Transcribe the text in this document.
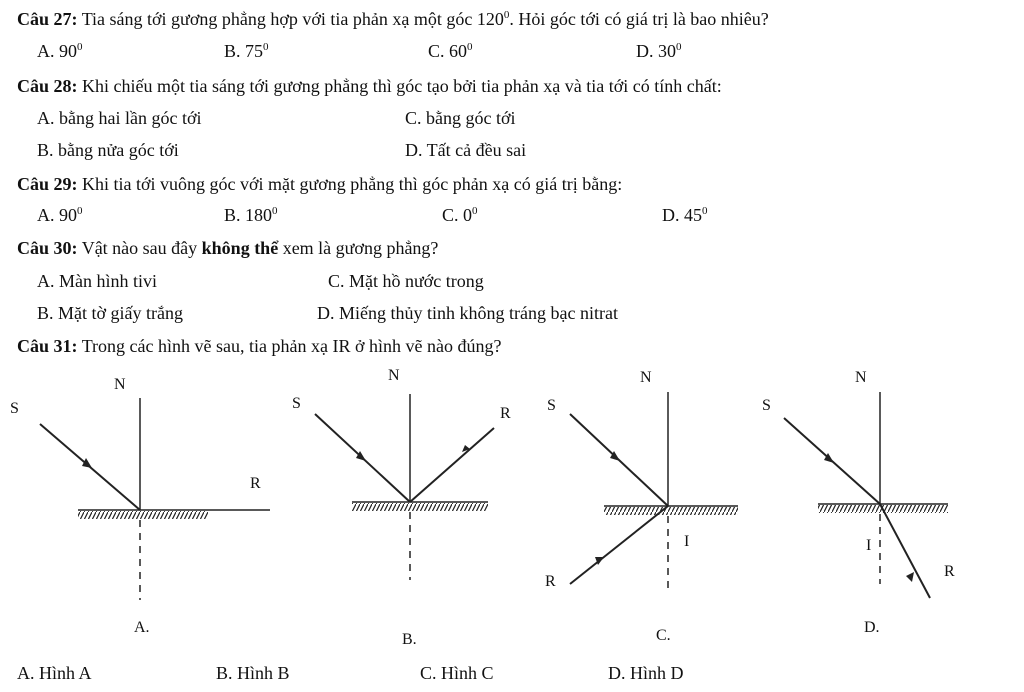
Câu 27: Tia sáng tới gương phẳng hợp với tia phản xạ một góc $120^0$. Hỏi góc tới có giá trị là bao nhiêu?
A. $90^0$	B. $75^0$	C. $60^0$	D. $30^0$
Câu 28: Khi chiếu một tia sáng tới gương phẳng thì góc tạo bởi tia phản xạ và tia tới có tính chất:
A. bằng hai lần góc tới	C. bằng góc tới
B. bằng nửa góc tới	D. Tất cả đều sai
Câu 29: Khi tia tới vuông góc với mặt gương phẳng thì góc phản xạ có giá trị bằng:
A. $90^0$	B. $180^0$	C. $0^0$	D. $45^0$
Câu 30: Vật nào sau đây không thể xem là gương phẳng?
A. Màn hình tivi	C. Mặt hồ nước trong
B. Mặt tờ giấy trắng	D. Miếng thủy tinh không tráng bạc nitrat
Câu 31: Trong các hình vẽ sau, tia phản xạ IR ở hình vẽ nào đúng?
N
S
R
A.
N
S
R
B.
N
S
I
R
C.
N
S
I
R
D.
A. Hình A	B. Hình B	C. Hình C	D. Hình D
